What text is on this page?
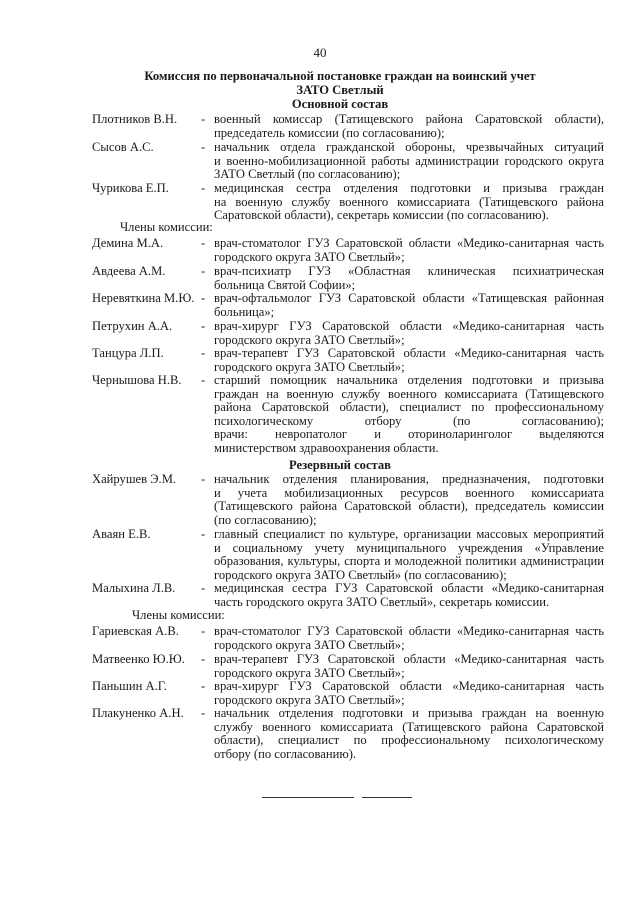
40
Комиссия по первоначальной постановке граждан на воинский учет
ЗАТО Светлый
Основной состав
Плотников В.Н. - военный комиссар (Татищевского района Саратовской области),
председатель комиссии (по согласованию);
Сысов А.С.	- начальник отдела гражданской обороны, чрезвычайных ситуаций
и военно-мобилизационной работы администрации городского округа
ЗАТО Светлый (по согласованию);
Чурикова Е.П.	- медицинская сестра отделения подготовки и призыва граждан
на военную службу военного комиссариата (Татищевского района
Саратовской области), секретарь комиссии (по согласованию).
Члены комиссии:
Демина М.А.	- врач-стоматолог ГУЗ Саратовской области «Медико-санитарная часть
городского округа ЗАТО Светлый»;
Авдеева А.М.	- врач-психиатр ГУЗ «Областная клиническая психиатрическая
больница Святой Софии»;
Неревяткина М.Ю. - врач-офтальмолог ГУЗ Саратовской области «Татищевская районная
больница»;
Петрухин А.А. - врач-хирург ГУЗ Саратовской области «Медико-санитарная часть
городского округа ЗАТО Светлый»;
Танцура Л.П.	- врач-терапевт ГУЗ Саратовской области «Медико-санитарная часть
городского округа ЗАТО Светлый»;
Чернышова Н.В. - старший помощник начальника отделения подготовки и призыва
граждан на военную службу военного комиссариата (Татищевского
района Саратовской области), специалист по профессиональному
психологическому отбору (по согласованию);
врачи: невропатолог и оториноларинголог выделяются
министерством здравоохранения области.
Резервный состав
Хайрушев Э.М. - начальник отделения планирования, предназначения, подготовки
и учета мобилизационных ресурсов военного комиссариата
(Татищевского района Саратовской области), председатель комиссии
(по согласованию);
Аваян Е.В.	- главный специалист по культуре, организации массовых мероприятий
и социальному учету муниципального учреждения «Управление
образования, культуры, спорта и молодежной политики администрации
городского округа ЗАТО Светлый» (по согласованию);
Малыхина Л.В. - медицинская сестра ГУЗ Саратовской области «Медико-санитарная
часть городского округа ЗАТО Светлый», секретарь комиссии.
Члены комиссии:
Гариевская А.В. - врач-стоматолог ГУЗ Саратовской области «Медико-санитарная часть
городского округа ЗАТО Светлый»;
Матвеенко Ю.Ю. - врач-терапевт ГУЗ Саратовской области «Медико-санитарная часть
городского округа ЗАТО Светлый»;
Паньшин А.Г.	- врач-хирург ГУЗ Саратовской области «Медико-санитарная часть
городского округа ЗАТО Светлый»;
Плакуненко А.Н. - начальник отделения подготовки и призыва граждан на военную
службу военного комиссариата (Татищевского района Саратовской
области), специалист по профессиональному психологическому
отбору (по согласованию).
